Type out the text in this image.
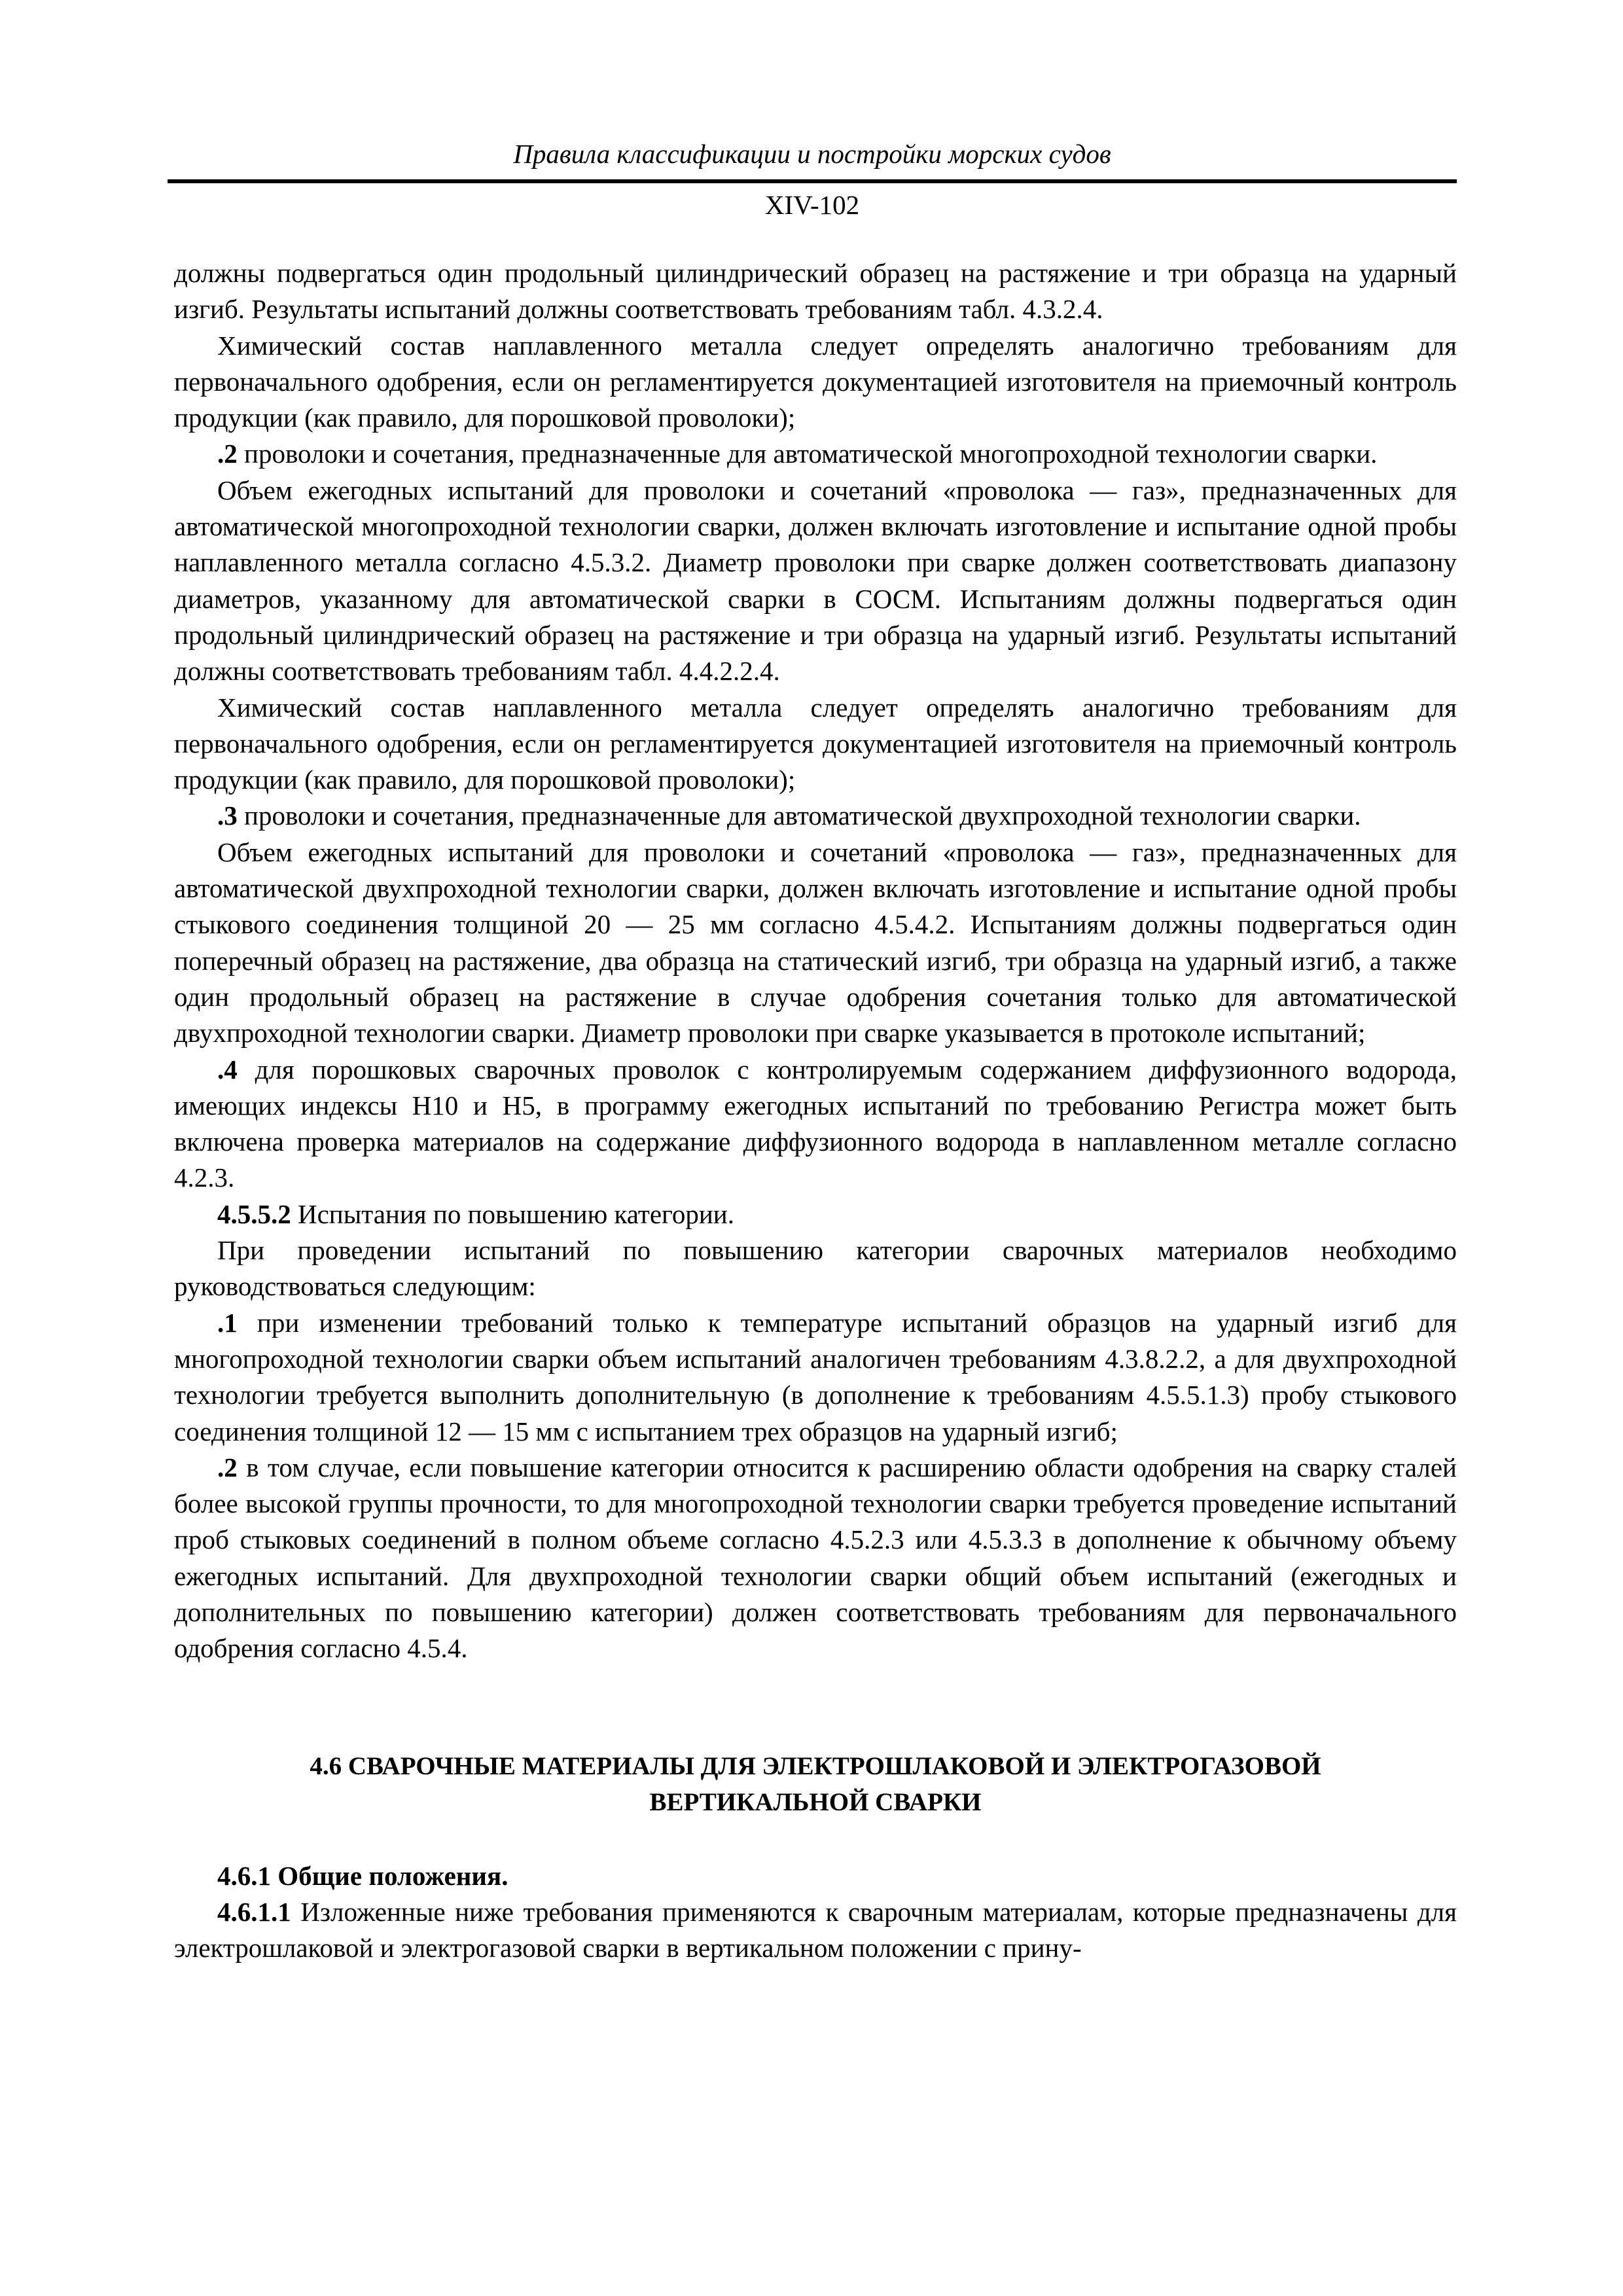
Правила классификации и постройки морских судов
XIV-102

должны подвергаться один продольный цилиндрический образец на растяжение и три образца на ударный изгиб. Результаты испытаний должны соответствовать требованиям табл. 4.3.2.4.

Химический состав наплавленного металла следует определять аналогично требованиям для первоначального одобрения, если он регламентируется документацией изготовителя на приемочный контроль продукции (как правило, для порошковой проволоки);

.2 проволоки и сочетания, предназначенные для автоматической многопроходной технологии сварки.

Объем ежегодных испытаний для проволоки и сочетаний «проволока — газ», предназначенных для автоматической многопроходной технологии сварки, должен включать изготовление и испытание одной пробы наплавленного металла согласно 4.5.3.2. Диаметр проволоки при сварке должен соответствовать диапазону диаметров, указанному для автоматической сварки в СОСМ. Испытаниям должны подвергаться один продольный цилиндрический образец на растяжение и три образца на ударный изгиб. Результаты испытаний должны соответствовать требованиям табл. 4.4.2.2.4.

Химический состав наплавленного металла следует определять аналогично требованиям для первоначального одобрения, если он регламентируется документацией изготовителя на приемочный контроль продукции (как правило, для порошковой проволоки);

.3 проволоки и сочетания, предназначенные для автоматической двухпроходной технологии сварки.

Объем ежегодных испытаний для проволоки и сочетаний «проволока — газ», предназначенных для автоматической двухпроходной технологии сварки, должен включать изготовление и испытание одной пробы стыкового соединения толщиной 20 — 25 мм согласно 4.5.4.2. Испытаниям должны подвергаться один поперечный образец на растяжение, два образца на статический изгиб, три образца на ударный изгиб, а также один продольный образец на растяжение в случае одобрения сочетания только для автоматической двухпроходной технологии сварки. Диаметр проволоки при сварке указывается в протоколе испытаний;

.4 для порошковых сварочных проволок с контролируемым содержанием диффузионного водорода, имеющих индексы H10 и H5, в программу ежегодных испытаний по требованию Регистра может быть включена проверка материалов на содержание диффузионного водорода в наплавленном металле согласно 4.2.3.

4.5.5.2 Испытания по повышению категории.

При проведении испытаний по повышению категории сварочных материалов необходимо руководствоваться следующим:

.1 при изменении требований только к температуре испытаний образцов на ударный изгиб для многопроходной технологии сварки объем испытаний аналогичен требованиям 4.3.8.2.2, а для двухпроходной технологии требуется выполнить дополнительную (в дополнение к требованиям 4.5.5.1.3) пробу стыкового соединения толщиной 12 — 15 мм с испытанием трех образцов на ударный изгиб;

.2 в том случае, если повышение категории относится к расширению области одобрения на сварку сталей более высокой группы прочности, то для многопроходной технологии сварки требуется проведение испытаний проб стыковых соединений в полном объеме согласно 4.5.2.3 или 4.5.3.3 в дополнение к обычному объему ежегодных испытаний. Для двухпроходной технологии сварки общий объем испытаний (ежегодных и дополнительных по повышению категории) должен соответствовать требованиям для первоначального одобрения согласно 4.5.4.

4.6 СВАРОЧНЫЕ МАТЕРИАЛЫ ДЛЯ ЭЛЕКТРОШЛАКОВОЙ И ЭЛЕКТРОГАЗОВОЙ ВЕРТИКАЛЬНОЙ СВАРКИ

4.6.1 Общие положения.

4.6.1.1 Изложенные ниже требования применяются к сварочным материалам, которые предназначены для электрошлаковой и электрогазовой сварки в вертикальном положении с прину-
